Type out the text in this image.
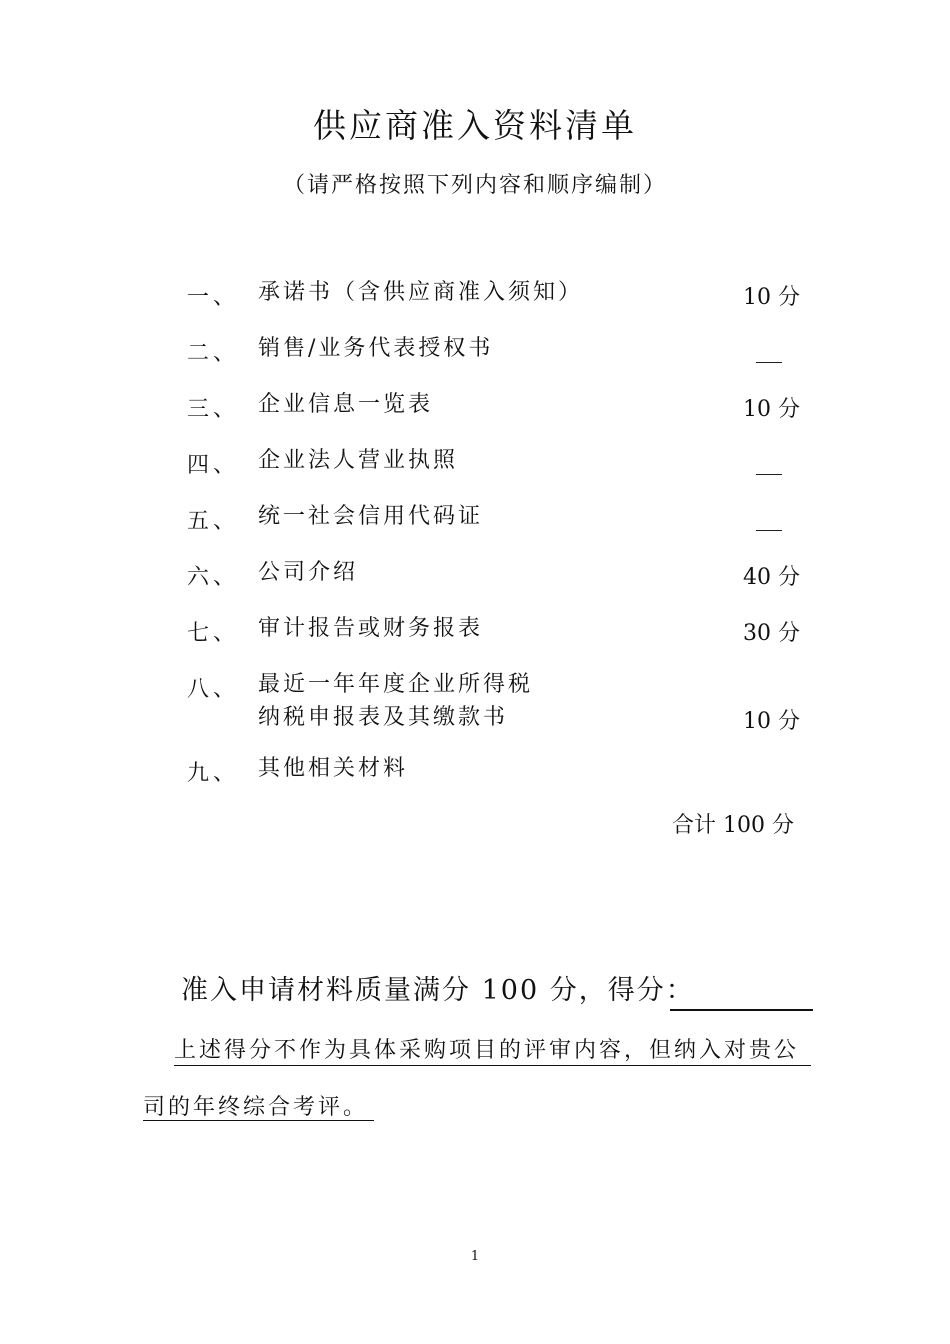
供应商准入资料清单
（请严格按照下列内容和顺序编制）
一、 承诺书（含供应商准入须知）	10 分
二、 销售/业务代表授权书
三、 企业信息一览表	10 分
四、 企业法人营业执照
五、 统一社会信用代码证
六、 公司介绍	40 分
七、 审计报告或财务报表	30 分
八、 最近一年年度企业所得税
纳税申报表及其缴款书	10 分
九、 其他相关材料
合计 100 分
准入申请材料质量满分 100 分，得分：
上述得分不作为具体采购项目的评审内容，但纳入对贵公
司的年终综合考评。
1
